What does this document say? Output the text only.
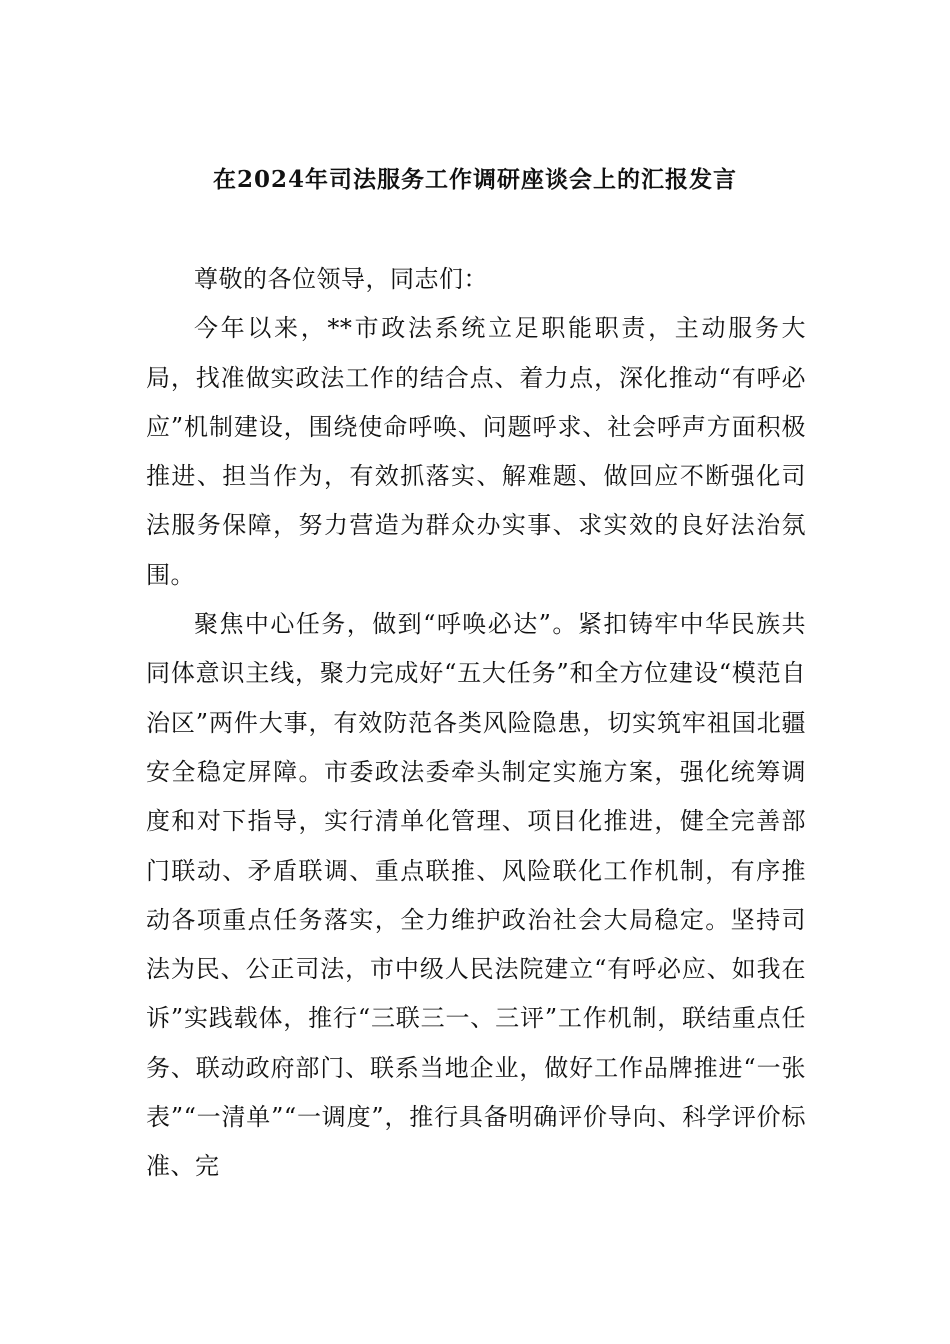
在2024年司法服务工作调研座谈会上的汇报发言

尊敬的各位领导，同志们：

今年以来，**市政法系统立足职能职责，主动服务大局，找准做实政法工作的结合点、着力点，深化推动“有呼必应”机制建设，围绕使命呼唤、问题呼求、社会呼声方面积极推进、担当作为，有效抓落实、解难题、做回应不断强化司法服务保障，努力营造为群众办实事、求实效的良好法治氛围。

聚焦中心任务，做到“呼唤必达”。紧扣铸牢中华民族共同体意识主线，聚力完成好“五大任务”和全方位建设“模范自治区”两件大事，有效防范各类风险隐患，切实筑牢祖国北疆安全稳定屏障。市委政法委牵头制定实施方案，强化统筹调度和对下指导，实行清单化管理、项目化推进，健全完善部门联动、矛盾联调、重点联推、风险联化工作机制，有序推动各项重点任务落实，全力维护政治社会大局稳定。坚持司法为民、公正司法，市中级人民法院建立“有呼必应、如我在诉”实践载体，推行“三联三一、三评”工作机制，联结重点任务、联动政府部门、联系当地企业，做好工作品牌推进“一张表”“一清单”“一调度”，推行具备明确评价导向、科学评价标准、完
